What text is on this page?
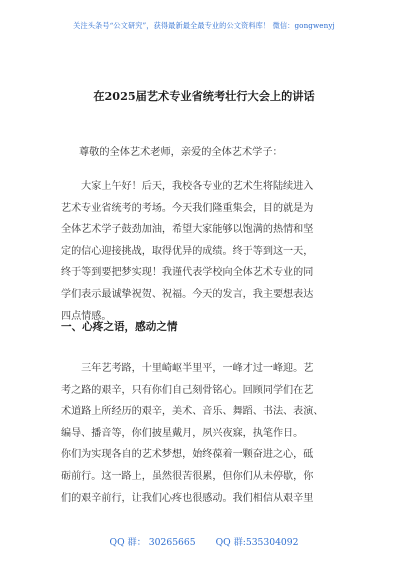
关注头条号“公文研究”，获得最新最全最专业的公文资料库！ 微信：gongwenyj
在2025届艺术专业省统考壮行大会上的讲话
尊敬的全体艺术老师，亲爱的全体艺术学子：
　　大家上午好！后天，我校各专业的艺术生将陆续进入
艺术专业省统考的考场。今天我们隆重集会，目的就是为
全体艺术学子鼓劲加油，希望大家能够以饱满的热情和坚
定的信心迎接挑战，取得优异的成绩。终于等到这一天，
终于等到要把梦实现！我谨代表学校向全体艺术专业的同
学们表示最诚挚祝贺、祝福。今天的发言，我主要想表达
四点情感。
一、心疼之语，感动之情
　　三年艺考路，十里崎岖半里平，一峰才过一峰迎。艺
考之路的艰辛，只有你们自己刻骨铭心。回顾同学们在艺
术道路上所经历的艰辛，美术、音乐、舞蹈、书法、表演、
编导、播音等，你们披星戴月，夙兴夜寐，执笔作日。
你们为实现各自的艺术梦想，始终葆着一颗奋进之心，砥
砺前行。这一路上，虽然很苦很累，但你们从未停歇，你
们的艰辛前行，让我们心疼也很感动。我们相信从艰辛里
QQ 群： 30265665 QQ 群:535304092
